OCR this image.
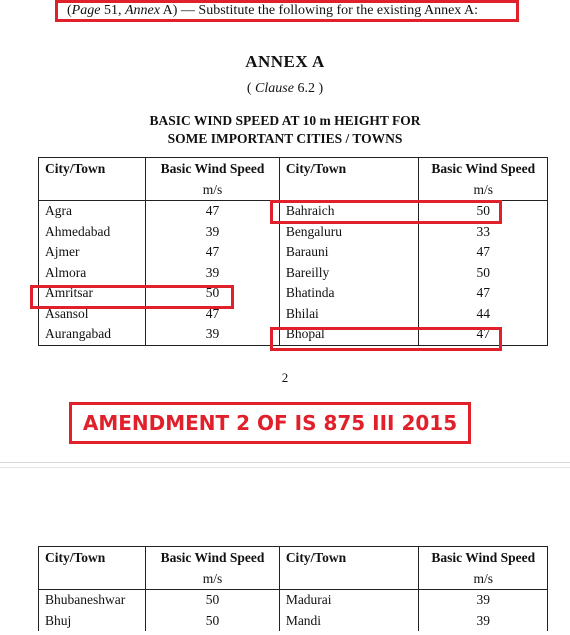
(Page 51, Annex A) — Substitute the following for the existing Annex A:
ANNEX A
( Clause 6.2 )
BASIC WIND SPEED AT 10 m HEIGHT FOR
SOME IMPORTANT CITIES / TOWNS
City/Town	Basic Wind Speed	City/Town	Basic Wind Speed
	m/s		m/s
Agra	47	Bahraich	50
Ahmedabad	39	Bengaluru	33
Ajmer	47	Barauni	47
Almora	39	Bareilly	50
Amritsar	50	Bhatinda	47
Asansol	47	Bhilai	44
Aurangabad	39	Bhopal	47
2
AMENDMENT 2 OF IS 875 III 2015
City/Town	Basic Wind Speed	City/Town	Basic Wind Speed
	m/s		m/s
Bhubaneshwar	50	Madurai	39
Bhuj	50	Mandi	39
